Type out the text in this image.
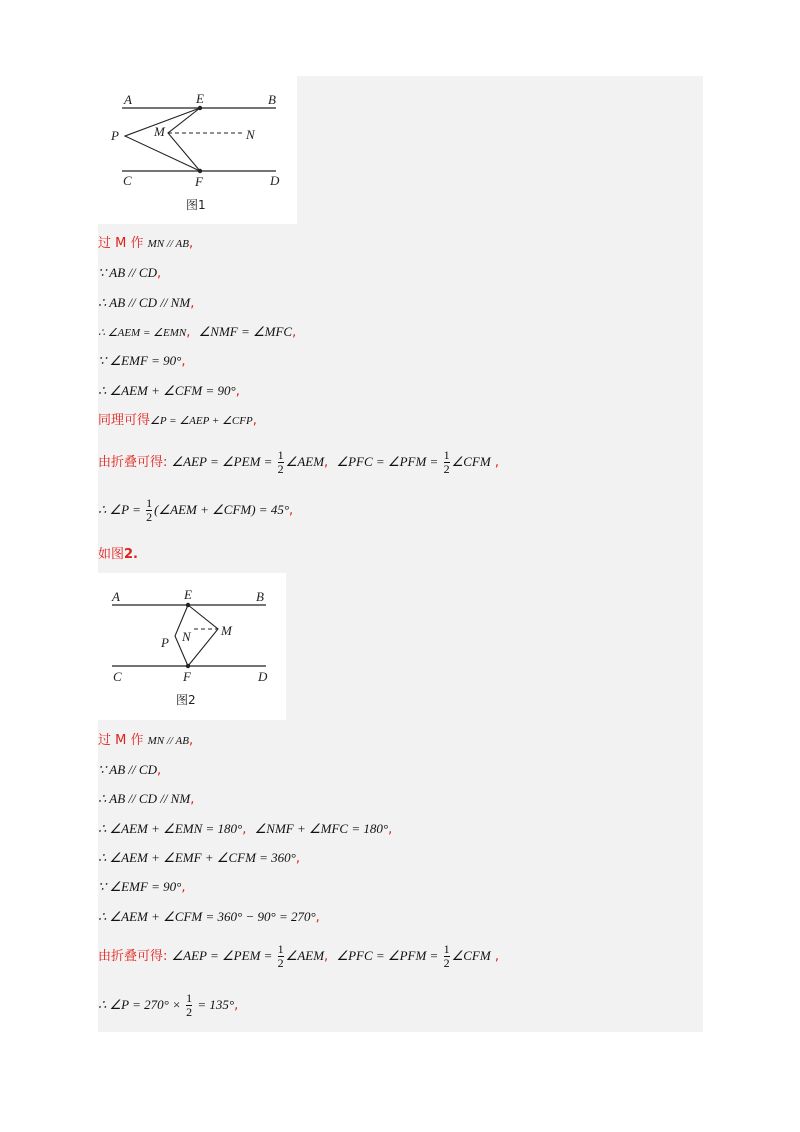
A	E	B
P	M	N
C	F	D
图1
过 M 作 MN // AB,
∵ AB // CD,
∴ AB // CD // NM,
∴ ∠AEM = ∠EMN, ∠NMF = ∠MFC,
∵ ∠EMF = 90°,
∴ ∠AEM + ∠CFM = 90°,
同理可得∠P = ∠AEP + ∠CFP,
由折叠可得: ∠AEP = ∠PEM = $\frac{1}{2}$ ∠AEM, ∠PFC = ∠PFM = $\frac{1}{2}$ ∠CFM ,
∴ ∠P = $\frac{1}{2}$ (∠AEM + ∠CFM) = 45°,
如图2.
A	E	B
P N M
C	F	D
图2
过 M 作 MN // AB,
∵ AB // CD,
∴ AB // CD // NM,
∴ ∠AEM + ∠EMN = 180°, ∠NMF + ∠MFC = 180°,
∴ ∠AEM + ∠EMF + ∠CFM = 360°,
∵ ∠EMF = 90°,
∴ ∠AEM + ∠CFM = 360° − 90° = 270°,
由折叠可得: ∠AEP = ∠PEM = $\frac{1}{2}$ ∠AEM, ∠PFC = ∠PFM = $\frac{1}{2}$ ∠CFM ,
∴ ∠P = $270^\circ \times \frac{1}{2} = 135^\circ$,
